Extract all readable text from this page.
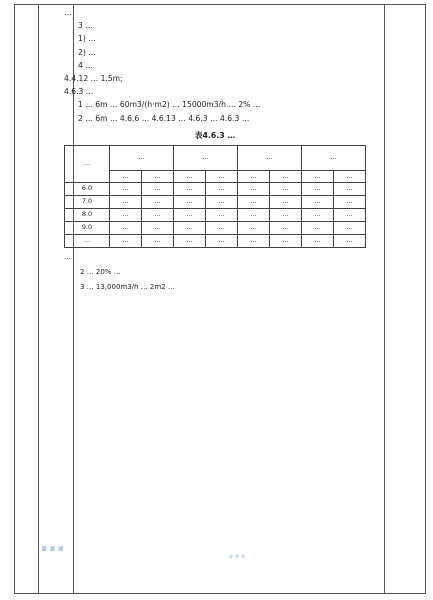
…

3 …

1) …

2) …

4 …

4.4.12 … 1.5m;

4.6.3 …

1 … 6m … 60m3/(h·m2) … 15000m3/h … 2% …

2 … 6m … 4.6.6 … 4.6.13 … 4.6.3 … 4.6.3 …

表4.6.3 …
…	…		…		…		…	
	…	…	…	…	…	…	…	…
6.0	…	…	…	…	…	…	…	…
7.0	…	…	…	…	…	…	…	…
8.0	…	…	…	…	…	…	…	…
9.0	…	…	…	…	…	…	…	…
…	…	…	…	…	…	…	…	…

…

2 … 20% …

3 … 13,000m3/h … 2m2 …

…	…
